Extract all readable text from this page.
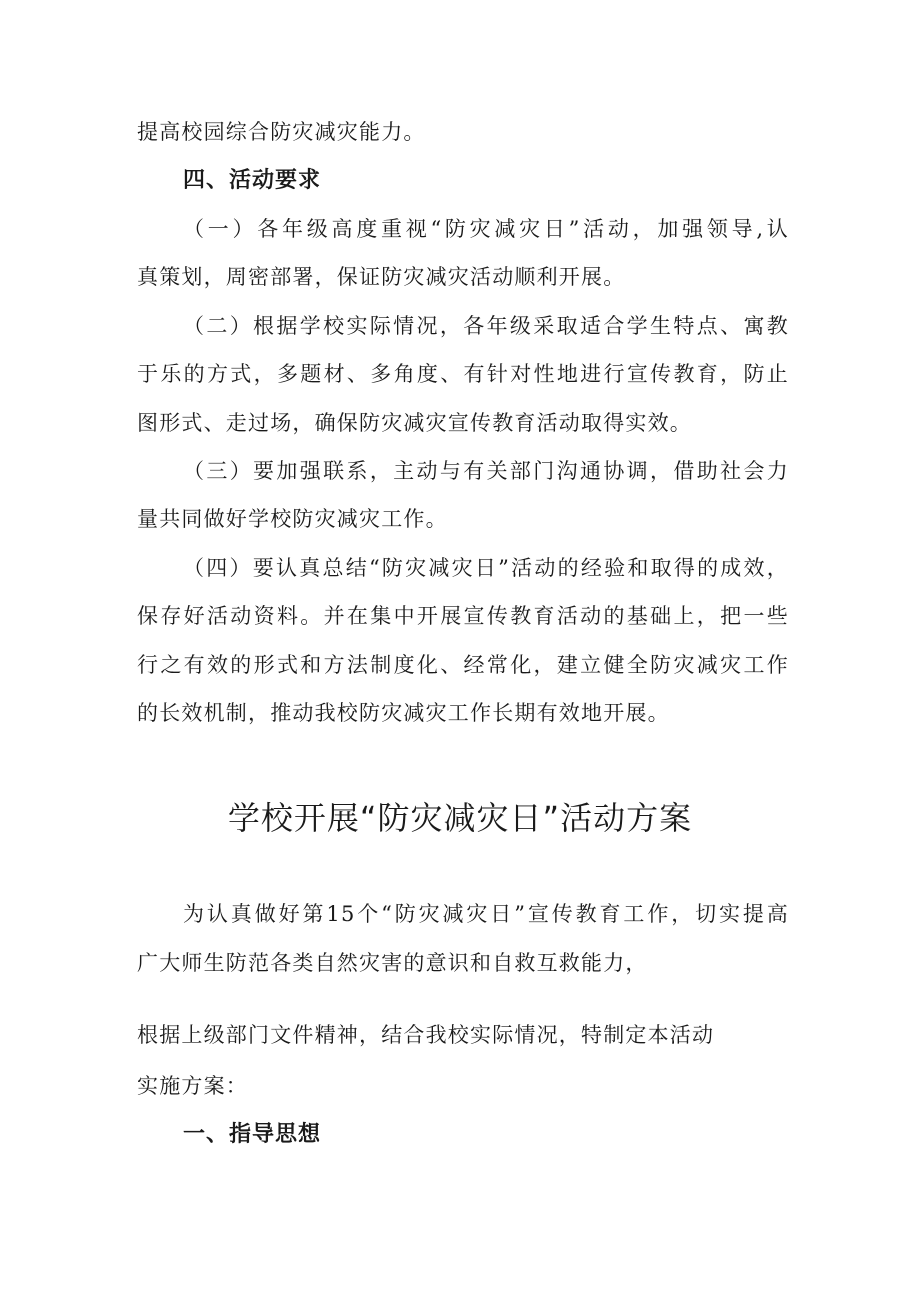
提高校园综合防灾减灾能力。
四、活动要求
（一）各年级高度重视“防灾减灾日”活动，加强领导,认
真策划，周密部署，保证防灾减灾活动顺利开展。
（二）根据学校实际情况，各年级采取适合学生特点、寓教
于乐的方式，多题材、多角度、有针对性地进行宣传教育，防止
图形式、走过场，确保防灾减灾宣传教育活动取得实效。
（三）要加强联系，主动与有关部门沟通协调，借助社会力
量共同做好学校防灾减灾工作。
（四）要认真总结“防灾减灾日”活动的经验和取得的成效，
保存好活动资料。并在集中开展宣传教育活动的基础上，把一些
行之有效的形式和方法制度化、经常化，建立健全防灾减灾工作
的长效机制，推动我校防灾减灾工作长期有效地开展。
学校开展“防灾减灾日”活动方案
为认真做好第15个“防灾减灾日”宣传教育工作，切实提高
广大师生防范各类自然灾害的意识和自救互救能力，
根据上级部门文件精神，结合我校实际情况，特制定本活动
实施方案：
一、指导思想
